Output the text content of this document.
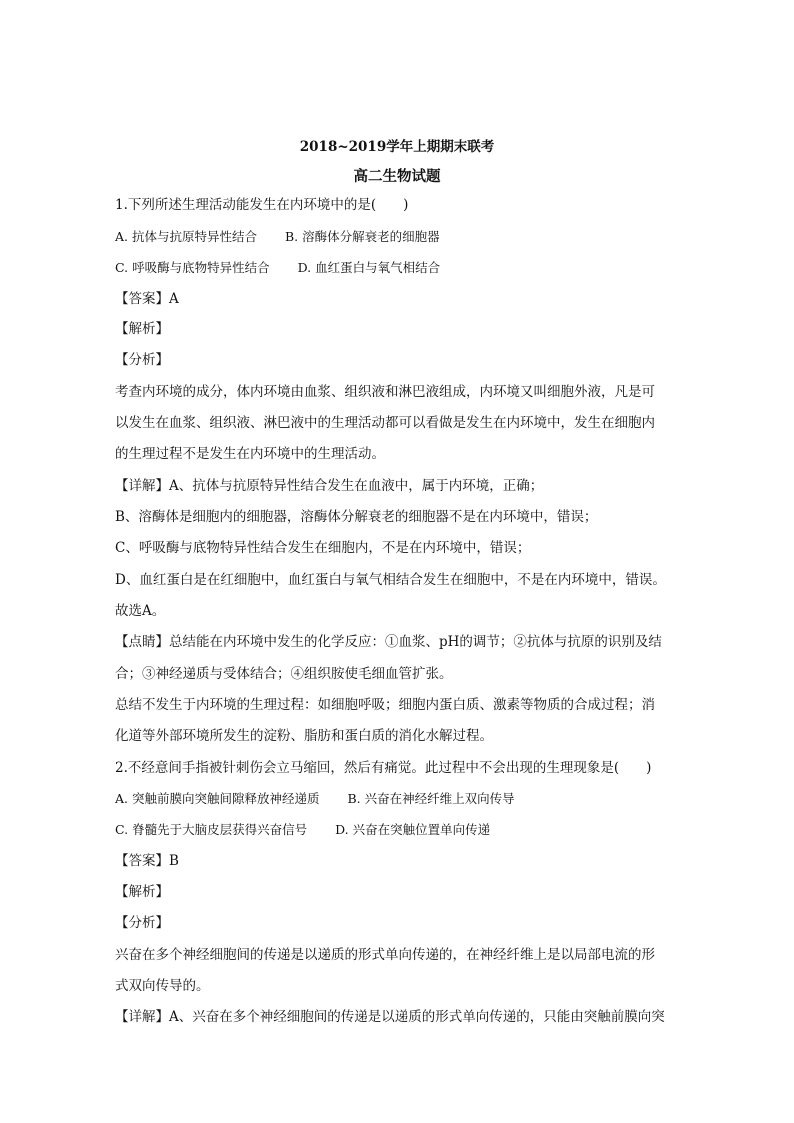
2018~2019学年上期期末联考
高二生物试题
1.下列所述生理活动能发生在内环境中的是(　　)
A. 抗体与抗原特异性结合 B. 溶酶体分解衰老的细胞器
C. 呼吸酶与底物特异性结合 D. 血红蛋白与氧气相结合
【答案】A
【解析】
【分析】
考查内环境的成分，体内环境由血浆、组织液和淋巴液组成，内环境又叫细胞外液，凡是可
以发生在血浆、组织液、淋巴液中的生理活动都可以看做是发生在内环境中，发生在细胞内
的生理过程不是发生在内环境中的生理活动。
【详解】A、抗体与抗原特异性结合发生在血液中，属于内环境，正确；
B、溶酶体是细胞内的细胞器，溶酶体分解衰老的细胞器不是在内环境中，错误；
C、呼吸酶与底物特异性结合发生在细胞内，不是在内环境中，错误；
D、血红蛋白是在红细胞中，血红蛋白与氧气相结合发生在细胞中，不是在内环境中，错误。
故选A。
【点睛】总结能在内环境中发生的化学反应：①血浆、pH的调节；②抗体与抗原的识别及结
合；③神经递质与受体结合；④组织胺使毛细血管扩张。
总结不发生于内环境的生理过程：如细胞呼吸；细胞内蛋白质、激素等物质的合成过程；消
化道等外部环境所发生的淀粉、脂肪和蛋白质的消化水解过程。
2.不经意间手指被针刺伤会立马缩回，然后有痛觉。此过程中不会出现的生理现象是(　　)
A. 突触前膜向突触间隙释放神经递质 B. 兴奋在神经纤维上双向传导
C. 脊髓先于大脑皮层获得兴奋信号 D. 兴奋在突触位置单向传递
【答案】B
【解析】
【分析】
兴奋在多个神经细胞间的传递是以递质的形式单向传递的，在神经纤维上是以局部电流的形
式双向传导的。
【详解】A、兴奋在多个神经细胞间的传递是以递质的形式单向传递的，只能由突触前膜向突
